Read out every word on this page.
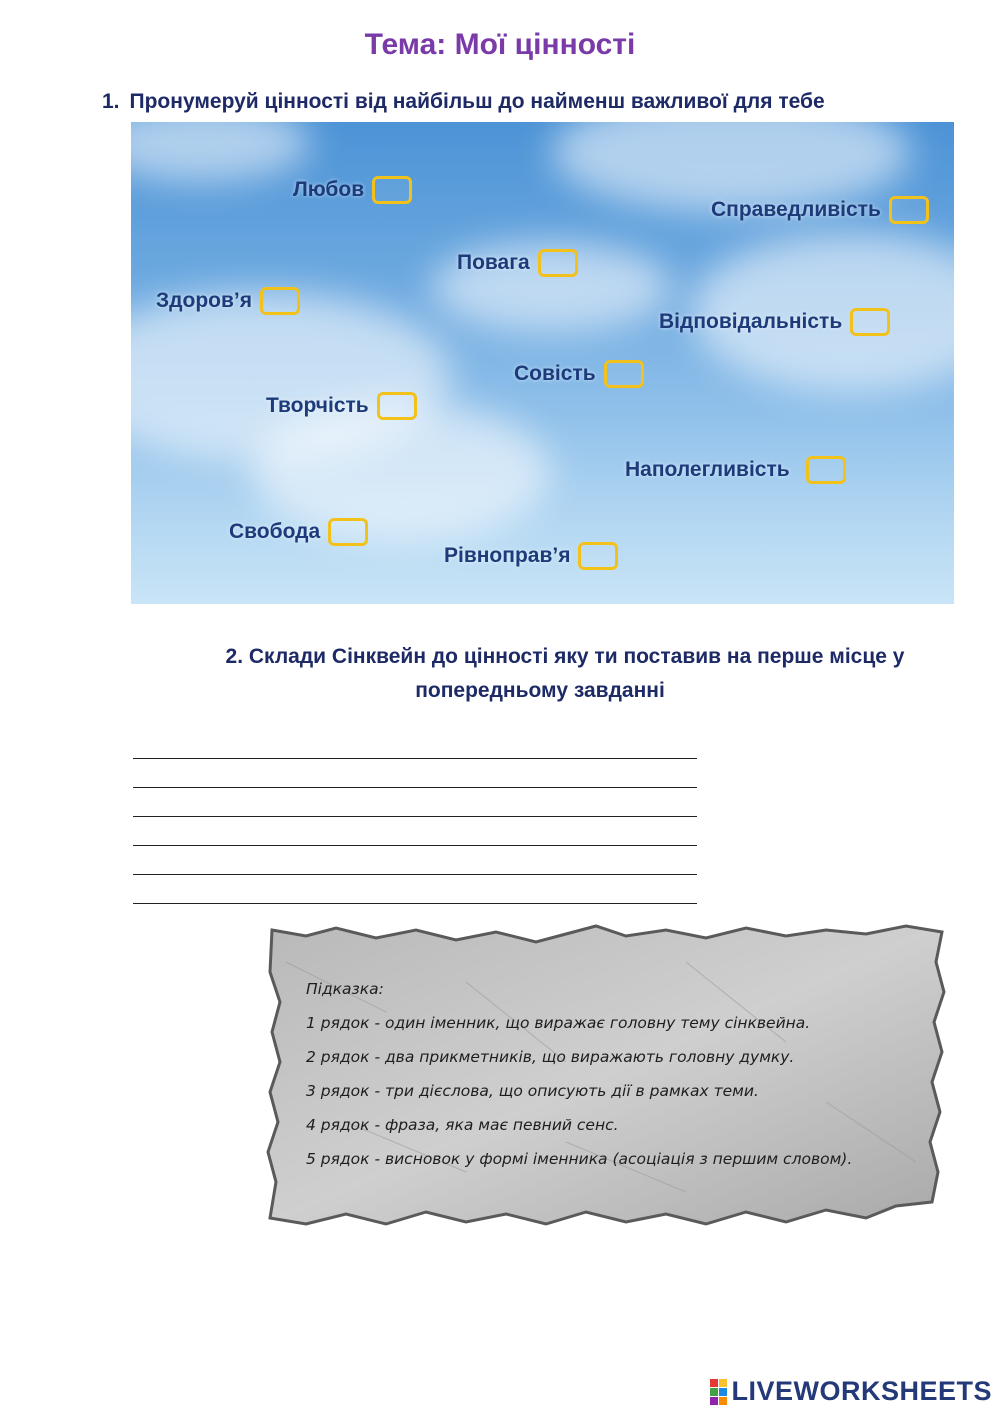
Тема: Мої цінності
1. Пронумеруй цінності від найбільш до найменш важливої для тебе
Любов
Справедливість
Повага
Здоров’я
Відповідальність
Совість
Творчість
Наполегливість
Свобода
Рівноправ’я
2. Склади Сінквейн до цінності яку ти поставив на перше місце у
попередньому завданні
Підказка:
1 рядок - один іменник, що виражає головну тему сінквейна.
2 рядок - два прикметників, що виражають головну думку.
3 рядок - три дієслова, що описують дії в рамках теми.
4 рядок - фраза, яка має певний сенс.
5 рядок - висновок у формі іменника (асоціація з першим словом).
LIVEWORKSHEETS
